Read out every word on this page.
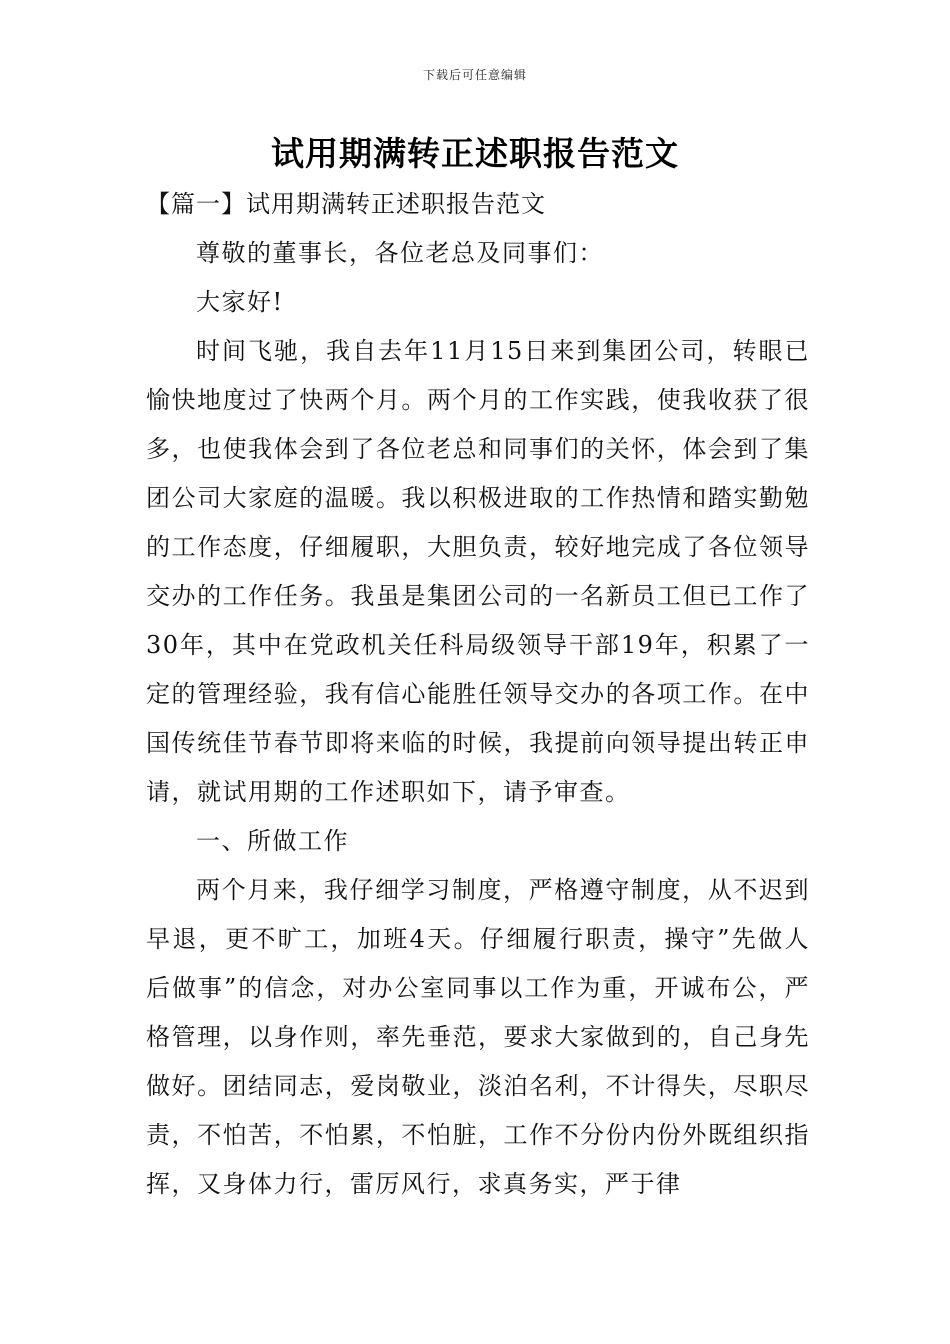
下载后可任意编辑
试用期满转正述职报告范文

【篇一】试用期满转正述职报告范文

尊敬的董事长，各位老总及同事们：

大家好!

时间飞驰，我自去年11月15日来到集团公司，转眼已愉快地度过了快两个月。两个月的工作实践，使我收获了很多，也使我体会到了各位老总和同事们的关怀，体会到了集团公司大家庭的温暖。我以积极进取的工作热情和踏实勤勉的工作态度，仔细履职，大胆负责，较好地完成了各位领导交办的工作任务。我虽是集团公司的一名新员工但已工作了30年，其中在党政机关任科局级领导干部19年，积累了一定的管理经验，我有信心能胜任领导交办的各项工作。在中国传统佳节春节即将来临的时候，我提前向领导提出转正申请，就试用期的工作述职如下，请予审查。

一、所做工作

两个月来，我仔细学习制度，严格遵守制度，从不迟到早退，更不旷工，加班4天。仔细履行职责，操守”先做人后做事”的信念，对办公室同事以工作为重，开诚布公，严格管理，以身作则，率先垂范，要求大家做到的，自己身先做好。团结同志，爱岗敬业，淡泊名利，不计得失，尽职尽责，不怕苦，不怕累，不怕脏，工作不分份内份外既组织指挥，又身体力行，雷厉风行，求真务实，严于律
